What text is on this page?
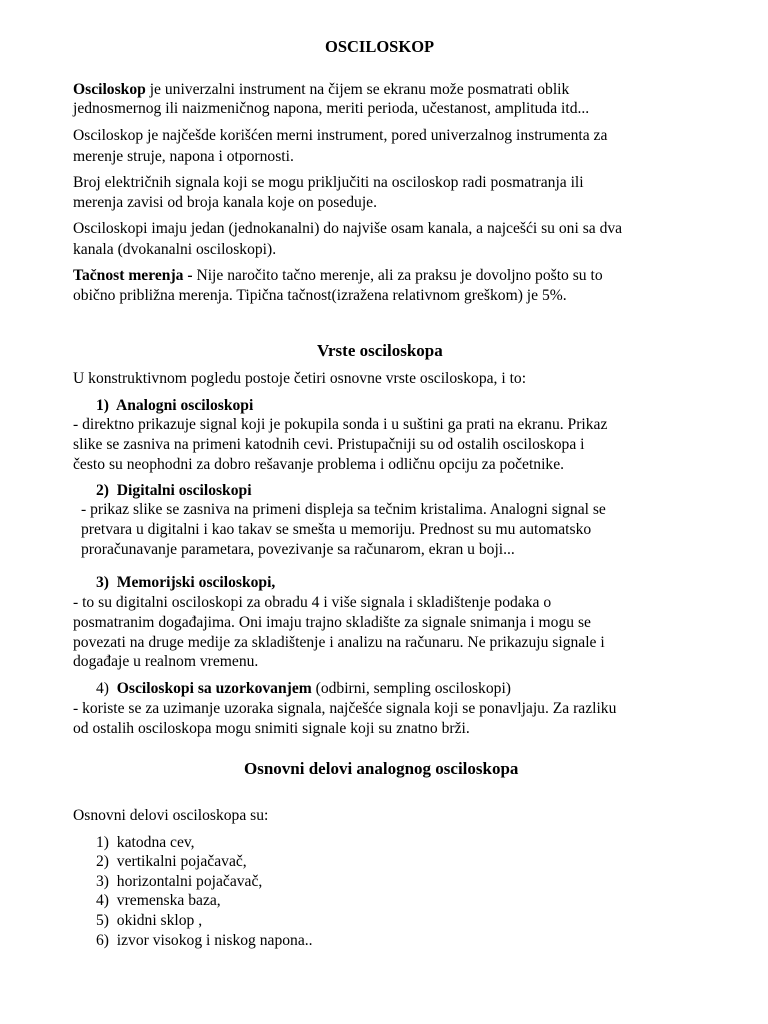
OSCILOSKOP
Osciloskop je univerzalni instrument na čijem se ekranu može posmatrati oblik
jednosmernog ili naizmeničnog napona, meriti perioda, učestanost, amplituda itd...
Osciloskop je najčešde korišćen merni instrument, pored univerzalnog instrumenta za
merenje struje, napona i otpornosti.
Broj električnih signala koji se mogu priključiti na osciloskop radi posmatranja ili
merenja zavisi od broja kanala koje on poseduje.
Osciloskopi imaju jedan (jednokanalni) do najviše osam kanala, a najcešći su oni sa dva
kanala (dvokanalni osciloskopi).
Tačnost merenja - Nije naročito tačno merenje, ali za praksu je dovoljno pošto su to
obično približna merenja. Tipična tačnost(izražena relativnom greškom) je 5%.
Vrste osciloskopa
U konstruktivnom pogledu postoje četiri osnovne vrste osciloskopa, i to:
1) Analogni osciloskopi
- direktno prikazuje signal koji je pokupila sonda i u suštini ga prati na ekranu. Prikaz
slike se zasniva na primeni katodnih cevi. Pristupačniji su od ostalih osciloskopa i
često su neophodni za dobro rešavanje problema i odličnu opciju za početnike.
2) Digitalni osciloskopi
- prikaz slike se zasniva na primeni displeja sa tečnim kristalima. Analogni signal se
pretvara u digitalni i kao takav se smešta u memoriju. Prednost su mu automatsko
proračunavanje parametara, povezivanje sa računarom, ekran u boji...
3) Memorijski osciloskopi,
- to su digitalni osciloskopi za obradu 4 i više signala i skladištenje podaka o
posmatranim događajima. Oni imaju trajno skladište za signale snimanja i mogu se
povezati na druge medije za skladištenje i analizu na računaru. Ne prikazuju signale i
događaje u realnom vremenu.
4) Osciloskopi sa uzorkovanjem (odbirni, sempling osciloskopi)
- koriste se za uzimanje uzoraka signala, najčešće signala koji se ponavljaju. Za razliku
od ostalih osciloskopa mogu snimiti signale koji su znatno brži.
Osnovni delovi analognog osciloskopa
Osnovni delovi osciloskopa su:
1) katodna cev,
2) vertikalni pojačavač,
3) horizontalni pojačavač,
4) vremenska baza,
5) okidni sklop ,
6) izvor visokog i niskog napona..
